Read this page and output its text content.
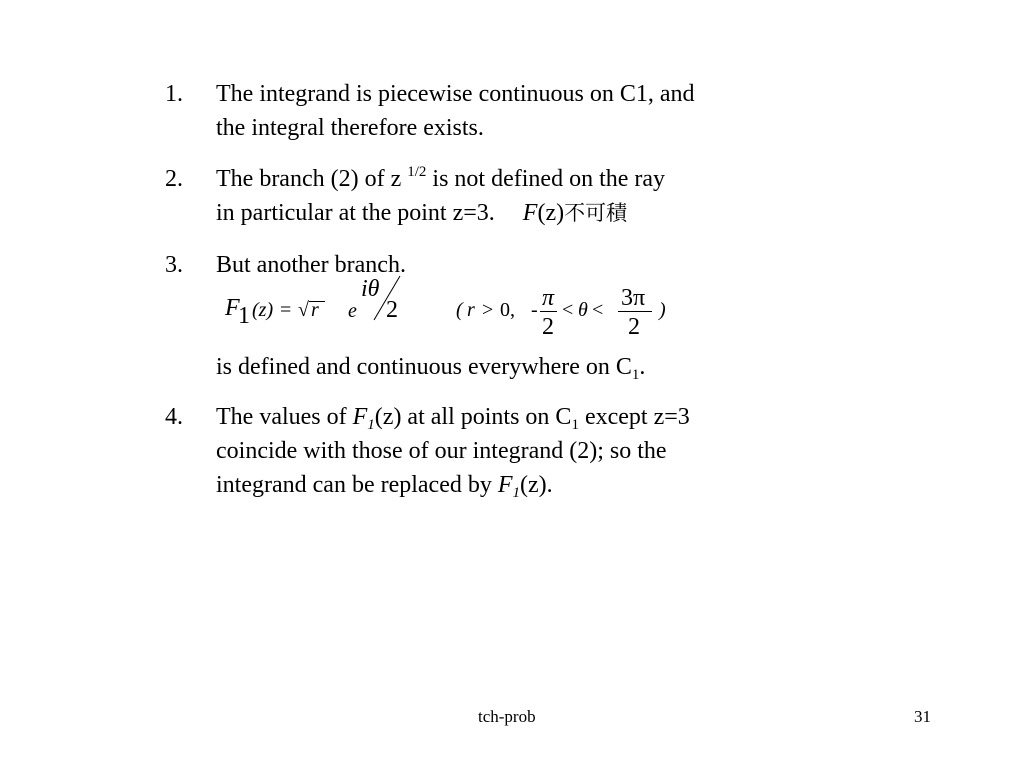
1. The integrand is piecewise continuous on C1, and
the integral therefore exists.
2. The branch (2) of z $^{1/2}$ is not defined on the ray
in particular at the point z=3. F(z)不可積
3. But another branch.
F
1 (z) = √ r e
iθ
2	( r > 0, - π
2
< θ < 3π
2
)
is defined and continuous everywhere on $C_1$.
4. The values of $F_1(z)$ at all points on $C_1$ except z=3
coincide with those of our integrand (2); so the
integrand can be replaced by $F_1(z)$.
tch-prob	31
